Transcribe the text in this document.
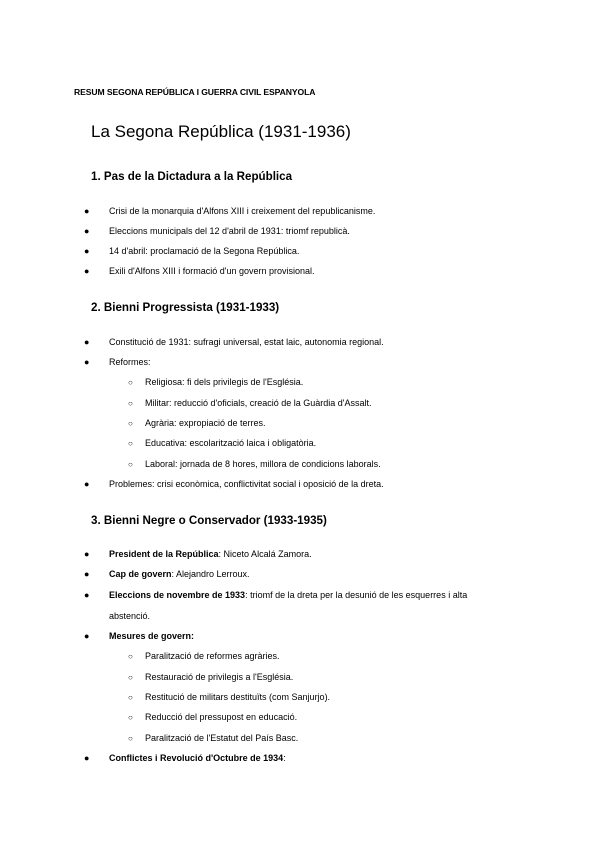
RESUM SEGONA REPÚBLICA I GUERRA CIVIL ESPANYOLA
La Segona República (1931-1936)
1. Pas de la Dictadura a la República
● Crisi de la monarquia d'Alfons XIII i creixement del republicanisme.
● Eleccions municipals del 12 d'abril de 1931: triomf republicà.
● 14 d'abril: proclamació de la Segona República.
● Exili d'Alfons XIII i formació d'un govern provisional.
2. Bienni Progressista (1931-1933)
● Constitució de 1931: sufragi universal, estat laic, autonomia regional.
● Reformes:
○ Religiosa: fi dels privilegis de l'Església.
○ Militar: reducció d'oficials, creació de la Guàrdia d'Assalt.
○ Agrària: expropiació de terres.
○ Educativa: escolarització laica i obligatòria.
○ Laboral: jornada de 8 hores, millora de condicions laborals.
● Problemes: crisi econòmica, conflictivitat social i oposició de la dreta.
3. Bienni Negre o Conservador (1933-1935)
● President de la República: Niceto Alcalá Zamora.
● Cap de govern: Alejandro Lerroux.
● Eleccions de novembre de 1933: triomf de la dreta per la desunió de les esquerres i alta abstenció.
● Mesures de govern:
○ Paralització de reformes agràries.
○ Restauració de privilegis a l'Església.
○ Restitució de militars destituïts (com Sanjurjo).
○ Reducció del pressupost en educació.
○ Paralització de l'Estatut del País Basc.
● Conflictes i Revolució d'Octubre de 1934:
